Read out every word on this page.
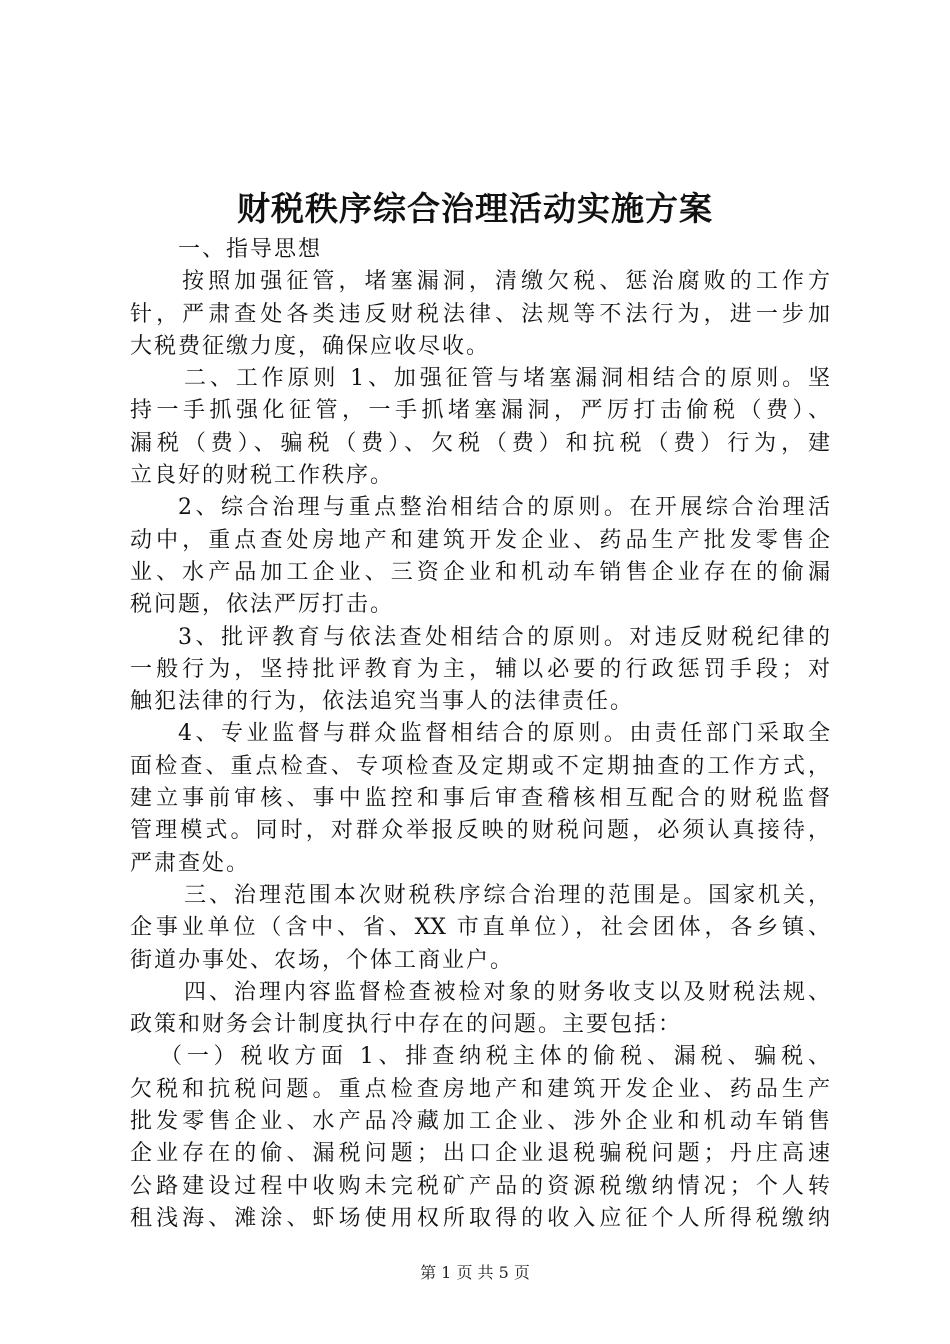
财税秩序综合治理活动实施方案
一、指导思想
按照加强征管，堵塞漏洞，清缴欠税、惩治腐败的工作方
针，严肃查处各类违反财税法律、法规等不法行为，进一步加
大税费征缴力度，确保应收尽收。
二、工作原则 1、加强征管与堵塞漏洞相结合的原则。坚
持一手抓强化征管，一手抓堵塞漏洞，严厉打击偷税（费）、
漏税（费）、骗税（费）、欠税（费）和抗税（费）行为，建
立良好的财税工作秩序。
2、综合治理与重点整治相结合的原则。在开展综合治理活
动中，重点查处房地产和建筑开发企业、药品生产批发零售企
业、水产品加工企业、三资企业和机动车销售企业存在的偷漏
税问题，依法严厉打击。
3、批评教育与依法查处相结合的原则。对违反财税纪律的
一般行为，坚持批评教育为主，辅以必要的行政惩罚手段；对
触犯法律的行为，依法追究当事人的法律责任。
4、专业监督与群众监督相结合的原则。由责任部门采取全
面检查、重点检查、专项检查及定期或不定期抽查的工作方式，
建立事前审核、事中监控和事后审查稽核相互配合的财税监督
管理模式。同时，对群众举报反映的财税问题，必须认真接待，
严肃查处。
三、治理范围本次财税秩序综合治理的范围是。国家机关，
企事业单位（含中、省、XX 市直单位），社会团体，各乡镇、
街道办事处、农场，个体工商业户。
四、治理内容监督检查被检对象的财务收支以及财税法规、
政策和财务会计制度执行中存在的问题。主要包括：
（一）税收方面 1、排查纳税主体的偷税、漏税、骗税、
欠税和抗税问题。重点检查房地产和建筑开发企业、药品生产
批发零售企业、水产品冷藏加工企业、涉外企业和机动车销售
企业存在的偷、漏税问题；出口企业退税骗税问题；丹庄高速
公路建设过程中收购未完税矿产品的资源税缴纳情况；个人转
租浅海、滩涂、虾场使用权所取得的收入应征个人所得税缴纳
第 1 页 共 5 页
